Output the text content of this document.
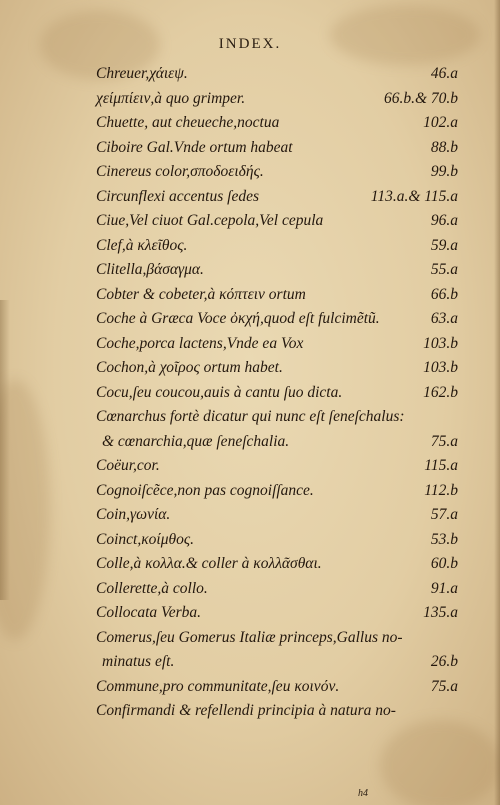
INDEX.
Chreuer,χάιεψ.	46.a
χείμπίειν,à quo grimper.	66.b.& 70.b
Chuette, aut cheueche,noctua	102.a
Ciboire Gal.Vnde ortum habeat	88.b
Cinereus color,σποδοειδής.	99.b
Circunflexi accentus ſedes	113.a.& 115.a
Ciue,Vel ciuot Gal.cepola,Vel cepula	96.a
Clef,à κλεῖθος.	59.a
Clitella,βάσαγμα.	55.a
Cobter & cobeter,à κόπτειν ortum	66.b
Coche à Græca Voce ὀκχή,quod eſt fulcimẽtũ.	63.a
Coche,porca lactens,Vnde ea Vox	103.b
Cochon,à χοῖρος ortum habet.	103.b
Cocu,ſeu coucou,auis à cantu ſuo dicta.	162.b
Cœnarchus fortè dicatur qui nunc eſt ſeneſchalus:
& cœnarchia,quæ ſeneſchalia.	75.a
Coëur,cor.	115.a
Cognoiſcẽce,non pas cognoiſſance.	112.b
Coin,γωνία.	57.a
Coinct,κοίμθος.	53.b
Colle,à κολλα.& coller à κολλᾶσθαι.	60.b
Collerette,à collo.	91.a
Collocata Verba.	135.a
Comerus,ſeu Gomerus Italiæ princeps,Gallus no-
minatus eſt.	26.b
Commune,pro communitate,ſeu κοινόν.	75.a
Confirmandi & refellendi principia à natura no-
h4
